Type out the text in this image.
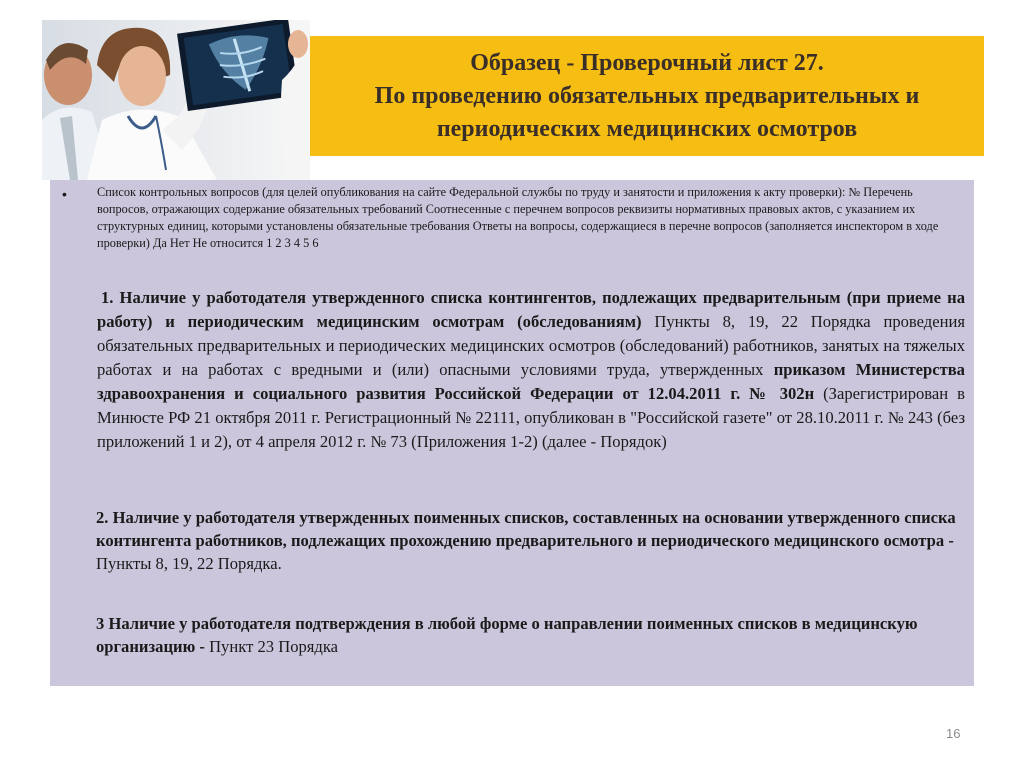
Образец - Проверочный лист 27.
По проведению обязательных предварительных и
периодических медицинских осмотров
• Список контрольных вопросов (для целей опубликования на сайте Федеральной службы по труду и занятости и приложения к акту проверки): № Перечень вопросов, отражающих содержание обязательных требований Соотнесенные с перечнем вопросов реквизиты нормативных правовых актов, с указанием их структурных единиц, которыми установлены обязательные требования Ответы на вопросы, содержащиеся в перечне вопросов (заполняется инспектором в ходе проверки) Да Нет Не относится 1 2 3 4 5 6
1. Наличие у работодателя утвержденного списка контингентов, подлежащих предварительным (при приеме на работу) и периодическим медицинским осмотрам (обследованиям) Пункты 8, 19, 22 Порядка проведения обязательных предварительных и периодических медицинских осмотров (обследований) работников, занятых на тяжелых работах и на работах с вредными и (или) опасными условиями труда, утвержденных приказом Министерства здравоохранения и социального развития Российской Федерации от 12.04.2011 г. № 302н (Зарегистрирован в Минюсте РФ 21 октября 2011 г. Регистрационный № 22111, опубликован в "Российской газете" от 28.10.2011 г. № 243 (без приложений 1 и 2), от 4 апреля 2012 г. № 73 (Приложения 1-2) (далее - Порядок)
2. Наличие у работодателя утвержденных поименных списков, составленных на основании утвержденного списка контингента работников, подлежащих прохождению предварительного и периодического медицинского осмотра - Пункты 8, 19, 22 Порядка.
3 Наличие у работодателя подтверждения в любой форме о направлении поименных списков в медицинскую организацию - Пункт 23 Порядка
16
